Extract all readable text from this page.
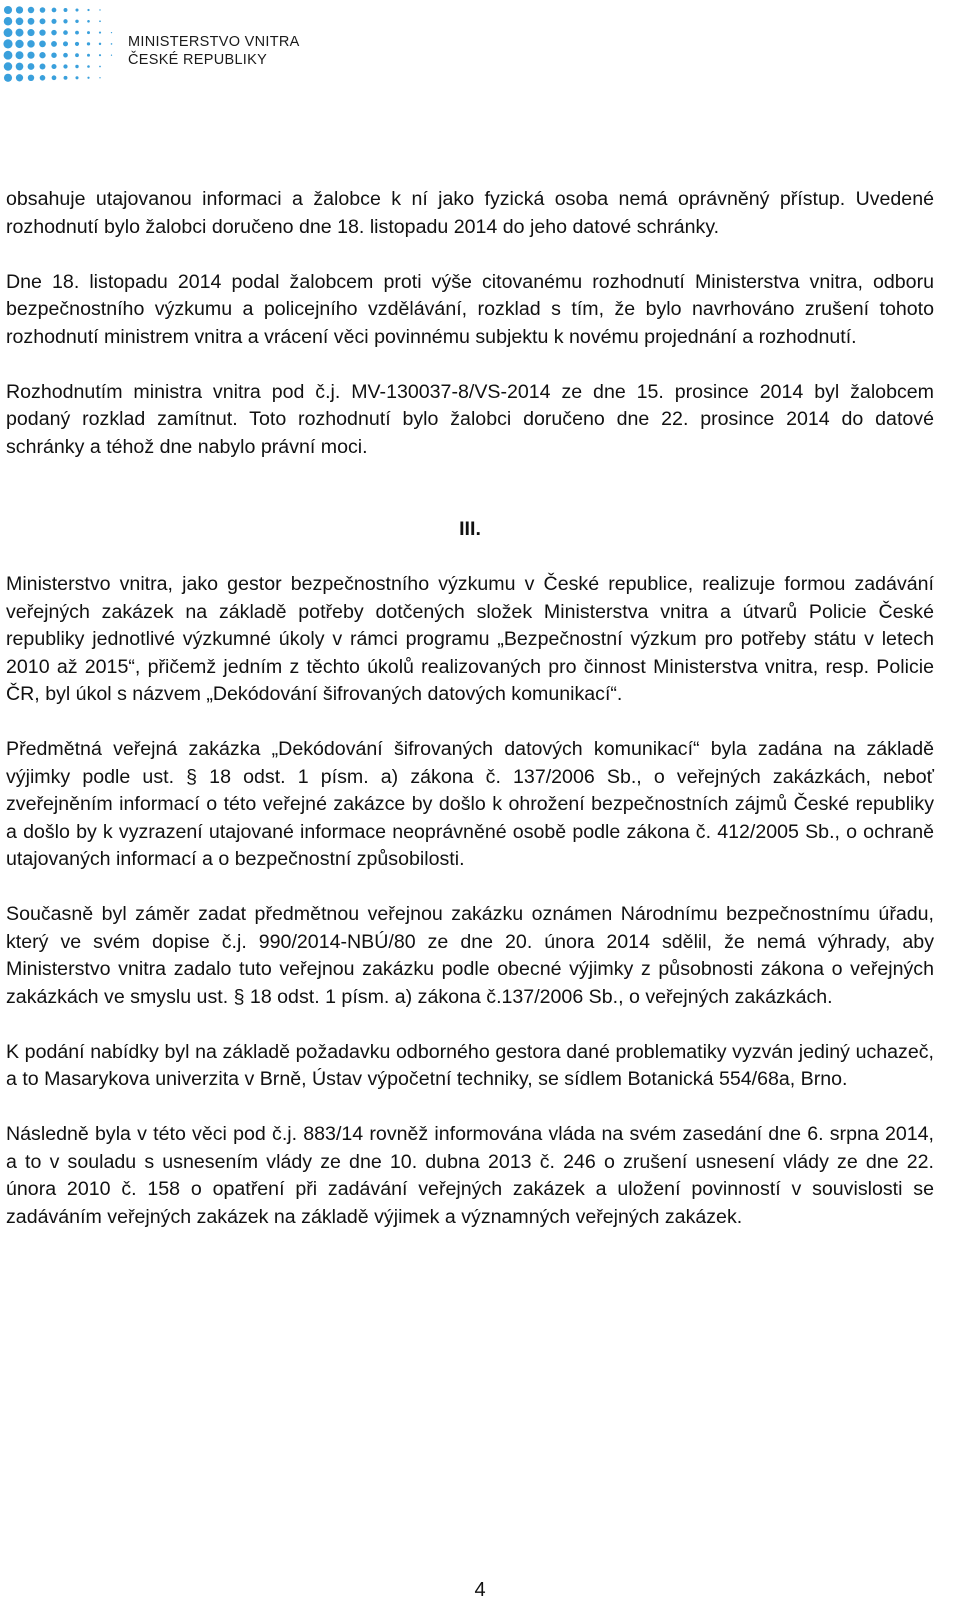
MINISTERSTVO VNITRA
ČESKÉ REPUBLIKY

obsahuje utajovanou informaci a žalobce k ní jako fyzická osoba nemá oprávněný přístup. Uvedené rozhodnutí bylo žalobci doručeno dne 18. listopadu 2014 do jeho datové schránky.

Dne 18. listopadu 2014 podal žalobcem proti výše citovanému rozhodnutí Ministerstva vnitra, odboru bezpečnostního výzkumu a policejního vzdělávání, rozklad s tím, že bylo navrhováno zrušení tohoto rozhodnutí ministrem vnitra a vrácení věci povinnému subjektu k novému projednání a rozhodnutí.

Rozhodnutím ministra vnitra pod č.j. MV-130037-8/VS-2014 ze dne 15. prosince 2014 byl žalobcem podaný rozklad zamítnut. Toto rozhodnutí bylo žalobci doručeno dne 22. prosince 2014 do datové schránky a téhož dne nabylo právní moci.

III.

Ministerstvo vnitra, jako gestor bezpečnostního výzkumu v České republice, realizuje formou zadávání veřejných zakázek na základě potřeby dotčených složek Ministerstva vnitra a útvarů Policie České republiky jednotlivé výzkumné úkoly v rámci programu „Bezpečnostní výzkum pro potřeby státu v letech 2010 až 2015“, přičemž jedním z těchto úkolů realizovaných pro činnost Ministerstva vnitra, resp. Policie ČR, byl úkol s názvem „Dekódování šifrovaných datových komunikací“.

Předmětná veřejná zakázka „Dekódování šifrovaných datových komunikací“ byla zadána na základě výjimky podle ust. § 18 odst. 1 písm. a) zákona č. 137/2006 Sb., o veřejných zakázkách, neboť zveřejněním informací o této veřejné zakázce by došlo k ohrožení bezpečnostních zájmů České republiky a došlo by k vyzrazení utajované informace neoprávněné osobě podle zákona č. 412/2005 Sb., o ochraně utajovaných informací a o bezpečnostní způsobilosti.

Současně byl záměr zadat předmětnou veřejnou zakázku oznámen Národnímu bezpečnostnímu úřadu, který ve svém dopise č.j. 990/2014-NBÚ/80 ze dne 20. února 2014 sdělil, že nemá výhrady, aby Ministerstvo vnitra zadalo tuto veřejnou zakázku podle obecné výjimky z působnosti zákona o veřejných zakázkách ve smyslu ust. § 18 odst. 1 písm. a) zákona č.137/2006 Sb., o veřejných zakázkách.

K podání nabídky byl na základě požadavku odborného gestora dané problematiky vyzván jediný uchazeč, a to Masarykova univerzita v Brně, Ústav výpočetní techniky, se sídlem Botanická 554/68a, Brno.

Následně byla v této věci pod č.j. 883/14 rovněž informována vláda na svém zasedání dne 6. srpna 2014, a to v souladu s usnesením vlády ze dne 10. dubna 2013 č. 246 o zrušení usnesení vlády ze dne 22. února 2010 č. 158 o opatření při zadávání veřejných zakázek a uložení povinností v souvislosti se zadáváním veřejných zakázek na základě výjimek a významných veřejných zakázek.

4
